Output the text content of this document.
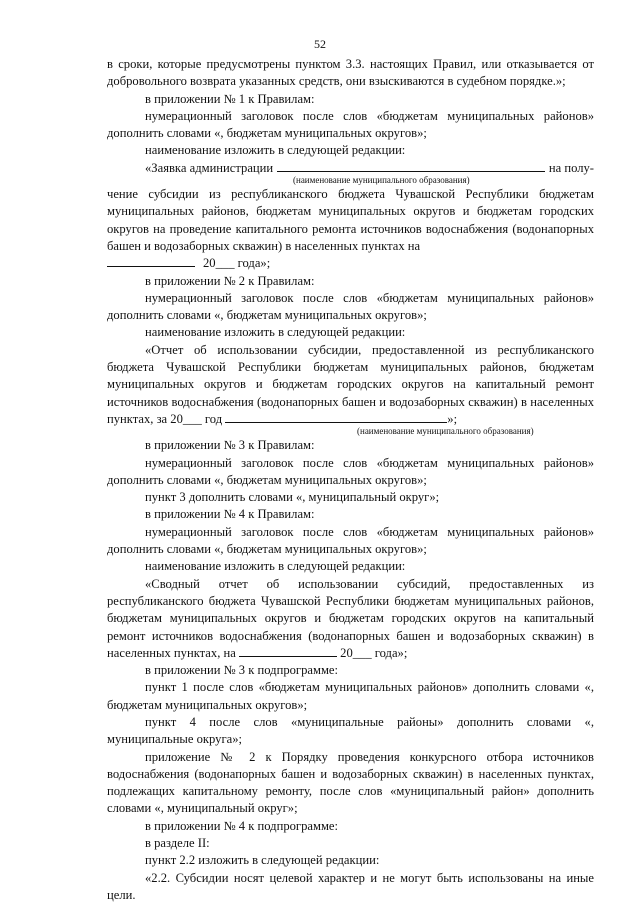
52

в сроки, которые предусмотрены пунктом 3.3. настоящих Правил, или отказывается от добровольного возврата указанных средств, они взыскиваются в судебном порядке.»;

в приложении № 1 к Правилам:

нумерационный заголовок после слов «бюджетам муниципальных районов» дополнить словами «, бюджетам муниципальных округов»;

наименование изложить в следующей редакции:

«Заявка администрации	на полу-
(наименование муниципального образования)

чение субсидии из республиканского бюджета Чувашской Республики бюджетам муниципальных районов, бюджетам муниципальных округов и бюджетам городских округов на проведение капитального ремонта источников водоснабжения (водонапорных башен и водозаборных скважин) в населенных пунктах на

20___ года»;

в приложении № 2 к Правилам:

нумерационный заголовок после слов «бюджетам муниципальных районов» дополнить словами «, бюджетам муниципальных округов»;

наименование изложить в следующей редакции:

«Отчет об использовании субсидии, предоставленной из республиканского бюджета Чувашской Республики бюджетам муниципальных районов, бюджетам муниципальных округов и бюджетам городских округов на капитальный ремонт источников водоснабжения (водонапорных башен и водозаборных скважин) в населенных пунктах, за 20___ год	»;

(наименование муниципального образования)

в приложении № 3 к Правилам:

нумерационный заголовок после слов «бюджетам муниципальных районов» дополнить словами «, бюджетам муниципальных округов»;

пункт 3 дополнить словами «, муниципальный округ»;

в приложении № 4 к Правилам:

нумерационный заголовок после слов «бюджетам муниципальных районов» дополнить словами «, бюджетам муниципальных округов»;

наименование изложить в следующей редакции:

«Сводный отчет об использовании субсидий, предоставленных из республиканского бюджета Чувашской Республики бюджетам муниципальных районов, бюджетам муниципальных округов и бюджетам городских округов на капитальный ремонт источников водоснабжения (водонапорных башен и водозаборных скважин) в населенных пунктах, на	20___ года»;

в приложении № 3 к подпрограмме:

пункт 1 после слов «бюджетам муниципальных районов» дополнить словами «, бюджетам муниципальных округов»;

пункт 4 после слов «муниципальные районы» дополнить словами «, муниципальные округа»;

приложение № 2 к Порядку проведения конкурсного отбора источников водоснабжения (водонапорных башен и водозаборных скважин) в населенных пунктах, подлежащих капитальному ремонту, после слов «муниципальный район» дополнить словами «, муниципальный округ»;

в приложении № 4 к подпрограмме:

в разделе II:

пункт 2.2 изложить в следующей редакции:

«2.2. Субсидии носят целевой характер и не могут быть использованы на иные цели.
